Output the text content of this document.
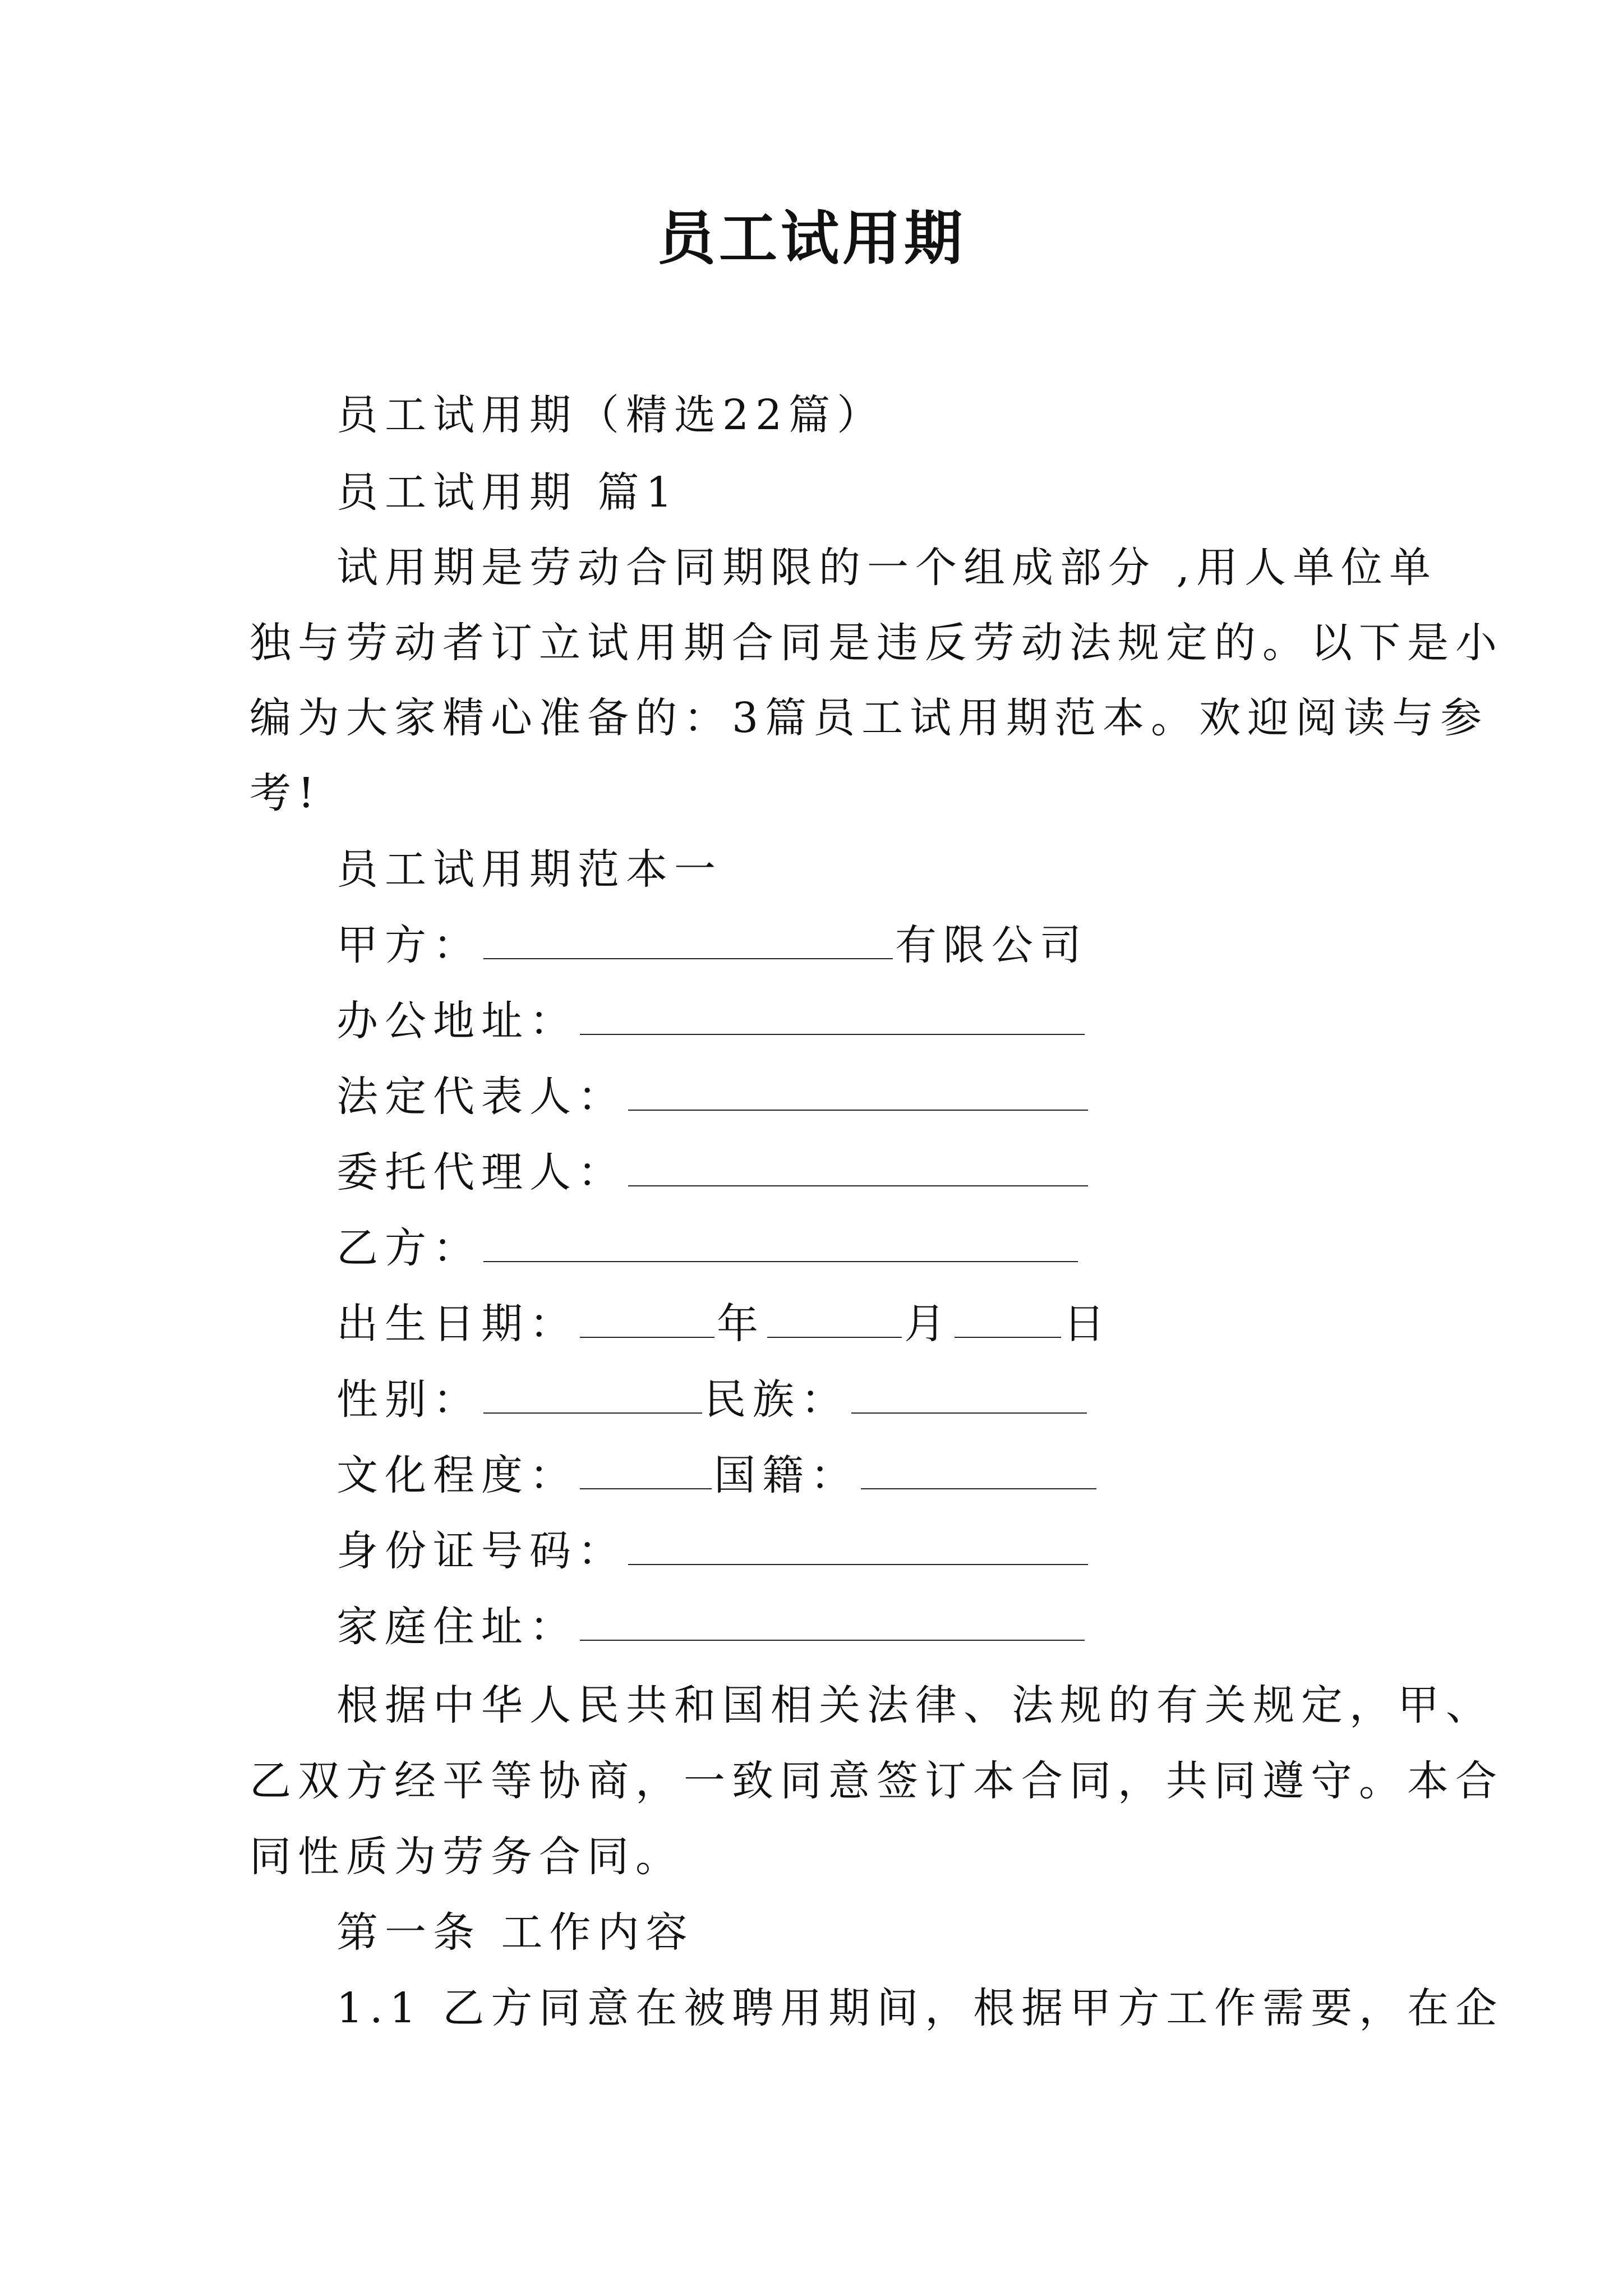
员工试用期
员工试用期（精选22篇）
员工试用期 篇1
试用期是劳动合同期限的一个组成部分 ,用人单位单
独与劳动者订立试用期合同是违反劳动法规定的。以下是小
编为大家精心准备的：3篇员工试用期范本。欢迎阅读与参
考!
员工试用期范本一
甲方：	有限公司
办公地址：
法定代表人：
委托代理人：
乙方：
出生日期：	年	月	日
性别：	民族：
文化程度：	国籍：
身份证号码：
家庭住址：
根据中华人民共和国相关法律、法规的有关规定，甲、
乙双方经平等协商，一致同意签订本合同，共同遵守。本合
同性质为劳务合同。
第一条 工作内容
1.1 乙方同意在被聘用期间，根据甲方工作需要，在企
